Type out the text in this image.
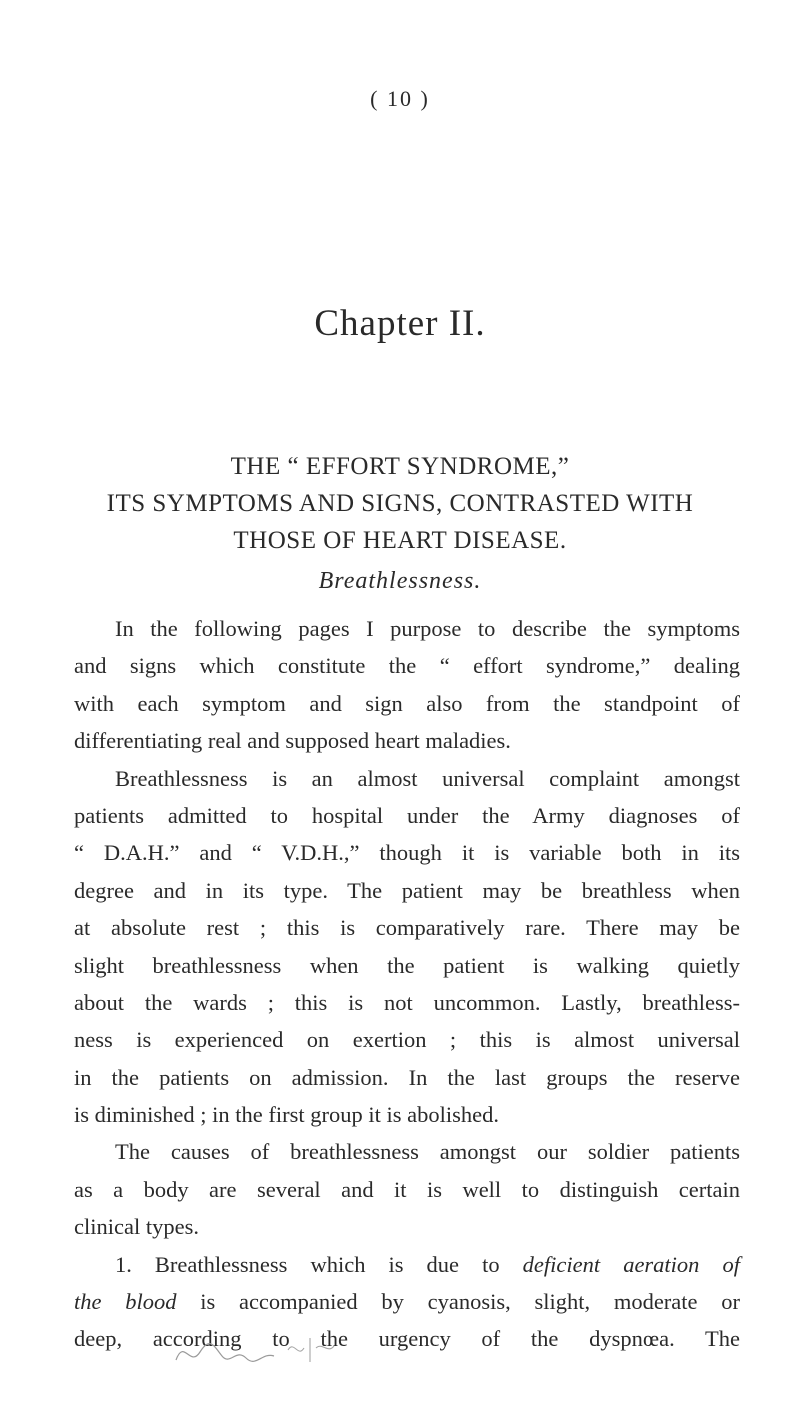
( 10 )
Chapter II.
THE “ EFFORT SYNDROME,”
ITS SYMPTOMS AND SIGNS, CONTRASTED WITH
THOSE OF HEART DISEASE.
Breathlessness.
In the following pages I purpose to describe the symptoms
and signs which constitute the “ effort syndrome,” dealing
with each symptom and sign also from the standpoint of
differentiating real and supposed heart maladies.
Breathlessness is an almost universal complaint amongst
patients admitted to hospital under the Army diagnoses of
“ D.A.H.” and “ V.D.H.,” though it is variable both in its
degree and in its type. The patient may be breathless when
at absolute rest ; this is comparatively rare. There may be
slight breathlessness when the patient is walking quietly
about the wards ; this is not uncommon. Lastly, breathless-
ness is experienced on exertion ; this is almost universal
in the patients on admission. In the last groups the reserve
is diminished ; in the first group it is abolished.
The causes of breathlessness amongst our soldier patients
as a body are several and it is well to distinguish certain
clinical types.
1. Breathlessness which is due to deficient aeration of
the blood is accompanied by cyanosis, slight, moderate or
deep, according to the urgency of the dyspnœa. The
